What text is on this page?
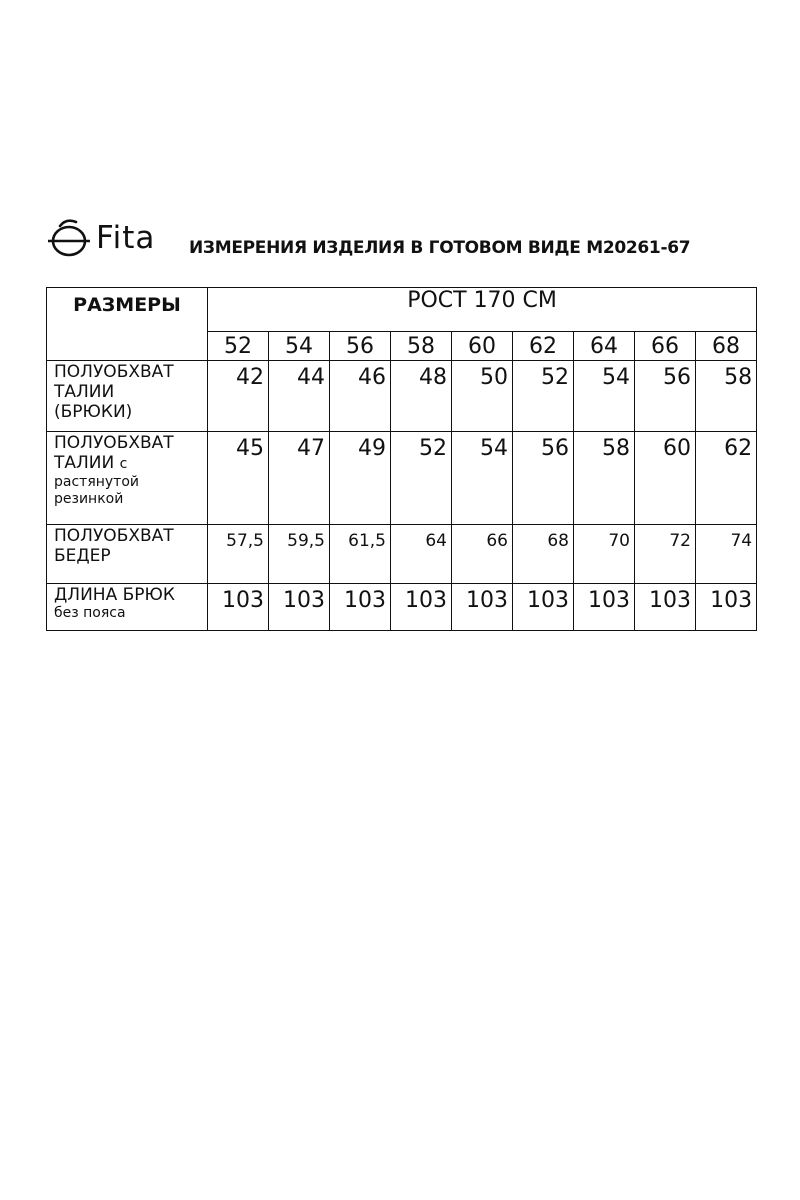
Fita ИЗМЕРЕНИЯ ИЗДЕЛИЯ В ГОТОВОМ ВИДЕ М20261-67
РАЗМЕРЫ	РОСТ 170 СМ								
	52	54	56	58	60	62	64	66	68

ПОЛУОБХВАТ
ТАЛИИ
(БРЮКИ)	42	44	46	48	50	52	54	56	58

ПОЛУОБХВАТ
ТАЛИИ с
растянутой
резинкой	45	47	49	52	54	56	58	60	62

ПОЛУОБХВАТ
БЕДЕР	57,5	59,5	61,5	64	66	68	70	72	74

ДЛИНА БРЮК
без пояса	103	103	103	103	103	103	103	103	103
